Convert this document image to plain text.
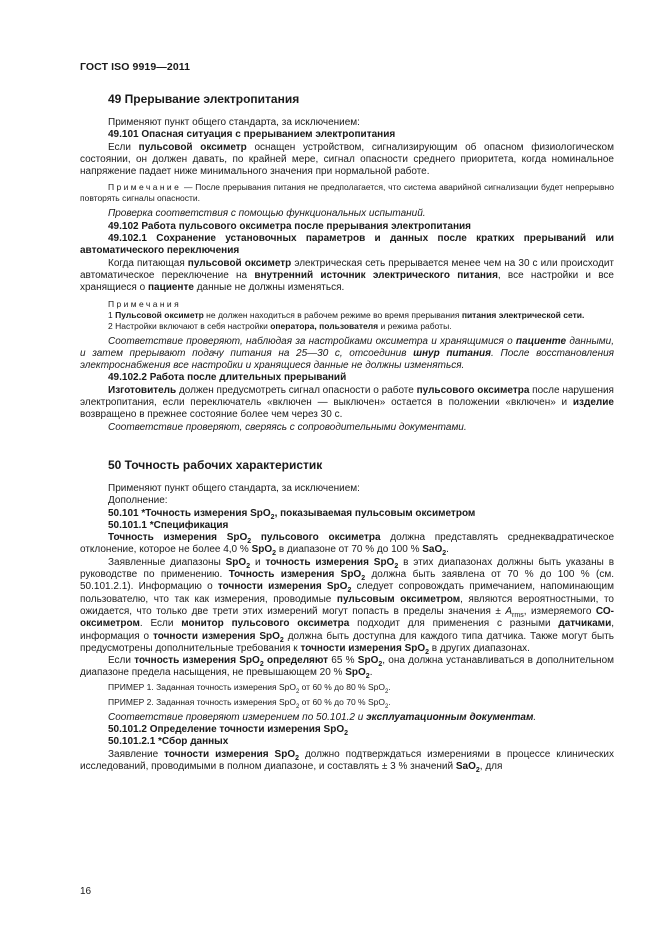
ГОСТ ISO 9919—2011

49 Прерывание электропитания

Применяют пункт общего стандарта, за исключением:

49.101 Опасная ситуация с прерыванием электропитания

Если пульсовой оксиметр оснащен устройством, сигнализирующим об опасном физиологическом состоянии, он должен давать, по крайней мере, сигнал опасности среднего приоритета, когда номинальное напряжение падает ниже минимального значения при нормальной работе.

Примечание — После прерывания питания не предполагается, что система аварийной сигнализации будет непрерывно повторять сигналы опасности.

Проверка соответствия с помощью функциональных испытаний.

49.102 Работа пульсового оксиметра после прерывания электропитания

49.102.1 Сохранение установочных параметров и данных после кратких прерываний или автоматического переключения

Когда питающая пульсовой оксиметр электрическая сеть прерывается менее чем на 30 с или происходит автоматическое переключение на внутренний источник электрического питания, все настройки и все хранящиеся о пациенте данные не должны изменяться.

Примечания

1 Пульсовой оксиметр не должен находиться в рабочем режиме во время прерывания питания электрической сети.

2 Настройки включают в себя настройки оператора, пользователя и режима работы.

Соответствие проверяют, наблюдая за настройками оксиметра и хранящимися о пациенте данными, и затем прерывают подачу питания на 25—30 с, отсоединив шнур питания. После восстановления электроснабжения все настройки и хранящиеся данные не должны изменяться.

49.102.2 Работа после длительных прерываний

Изготовитель должен предусмотреть сигнал опасности о работе пульсового оксиметра после нарушения электропитания, если переключатель «включен — выключен» остается в положении «включен» и изделие возвращено в прежнее состояние более чем через 30 с.

Соответствие проверяют, сверяясь с сопроводительными документами.

50 Точность рабочих характеристик

Применяют пункт общего стандарта, за исключением:

Дополнение:

50.101 *Точность измерения SpO$_2$, показываемая пульсовым оксиметром

50.101.1 *Спецификация

Точность измерения SpO$_2$ пульсового оксиметра должна представлять среднеквадратическое отклонение, которое не более 4,0 % SpO$_2$ в диапазоне от 70 % до 100 % SaO$_2$.

Заявленные диапазоны SpO$_2$ и точность измерения SpO$_2$ в этих диапазонах должны быть указаны в руководстве по применению. Точность измерения SpO$_2$ должна быть заявлена от 70 % до 100 % (см. 50.101.2.1). Информацию о точности измерения SpO$_2$ следует сопровождать примечанием, напоминающим пользователю, что так как измерения, проводимые пульсовым оксиметром, являются вероятностными, то ожидается, что только две трети этих измерений могут попасть в пределы значения ± $A_{rms}$, измеряемого СО-оксиметром. Если монитор пульсового оксиметра подходит для применения с разными датчиками, информация о точности измерения SpO$_2$ должна быть доступна для каждого типа датчика. Также могут быть предусмотрены дополнительные требования к точности измерения SpO$_2$ в других диапазонах.

Если точность измерения SpO$_2$ определяют 65 % SpO$_2$, она должна устанавливаться в дополнительном диапазоне предела насыщения, не превышающем 20 % SpO$_2$.

ПРИМЕР 1. Заданная точность измерения SpO$_2$ от 60 % до 80 % SpO$_2$.

ПРИМЕР 2. Заданная точность измерения SpO$_2$ от 60 % до 70 % SpO$_2$.

Соответствие проверяют измерением по 50.101.2 и эксплуатационным документам.

50.101.2 Определение точности измерения SpO$_2$

50.101.2.1 *Сбор данных

Заявление точности измерения SpO$_2$ должно подтверждаться измерениями в процессе клинических исследований, проводимыми в полном диапазоне, и составлять ± 3 % значений SaO$_2$, для

16
